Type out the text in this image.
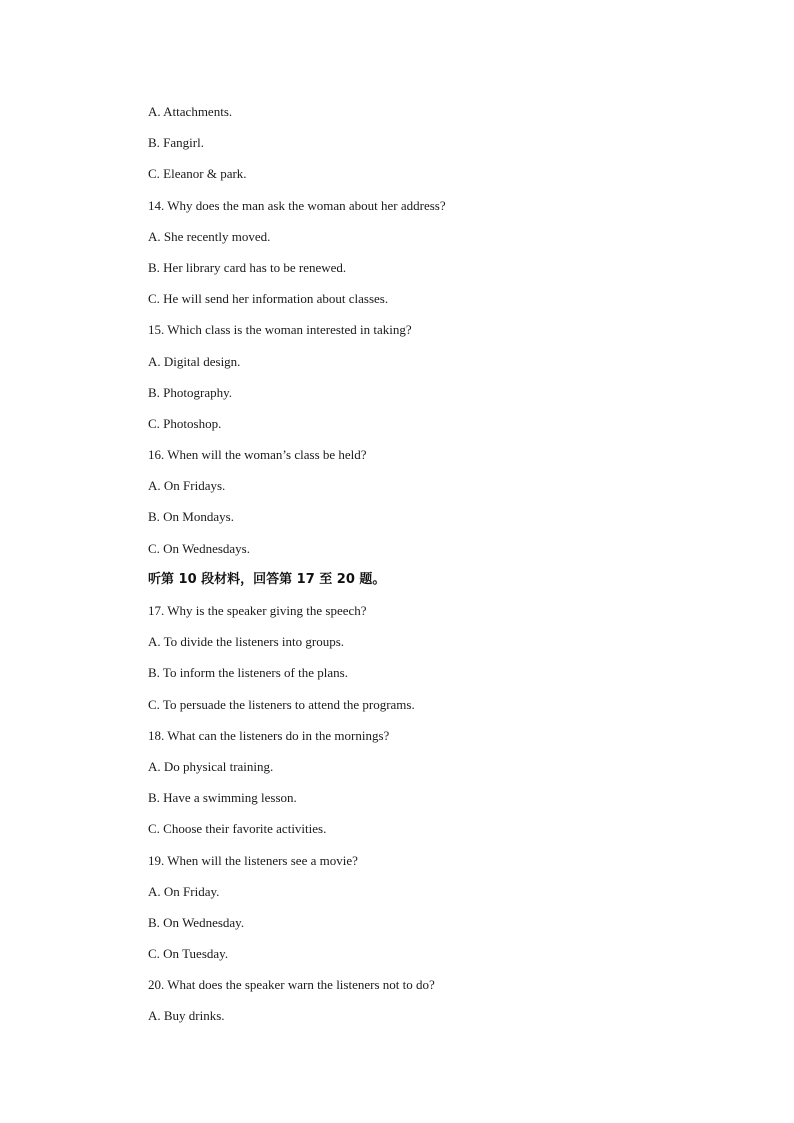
A. Attachments.
B. Fangirl.
C. Eleanor & park.
14. Why does the man ask the woman about her address?
A. She recently moved.
B. Her library card has to be renewed.
C. He will send her information about classes.
15. Which class is the woman interested in taking?
A. Digital design.
B. Photography.
C. Photoshop.
16. When will the woman’s class be held?
A. On Fridays.
B. On Mondays.
C. On Wednesdays.
听第 10 段材料，回答第 17 至 20 题。
17. Why is the speaker giving the speech?
A. To divide the listeners into groups.
B. To inform the listeners of the plans.
C. To persuade the listeners to attend the programs.
18. What can the listeners do in the mornings?
A. Do physical training.
B. Have a swimming lesson.
C. Choose their favorite activities.
19. When will the listeners see a movie?
A. On Friday.
B. On Wednesday.
C. On Tuesday.
20. What does the speaker warn the listeners not to do?
A. Buy drinks.
